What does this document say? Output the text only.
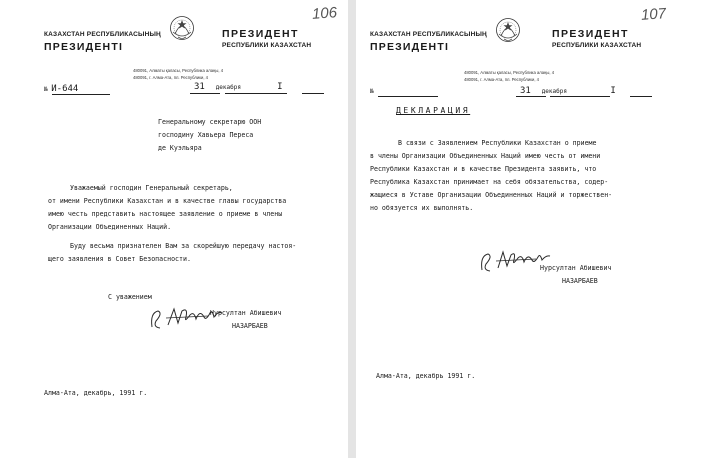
КАЗАХСТАН РЕСПУБЛИКАСЫНЫҢ
ПРЕЗИДЕНТІ
ПРЕЗИДЕНТ
РЕСПУБЛИКИ КАЗАХСТАН
106
480091, Алматы қаласы, Республика алаңы, 4
480091, г. Алма-Ата, пл. Республики, 4
№ И-644	31 декабря	I
Генеральному секретарю ООН
господину Хавьера Переса
де Куэльяра
Уважаемый господин Генеральный секретарь,
от имени Республики Казахстан и в качестве главы государства
имею честь представить настоящее заявление о приеме в члены
Организации Объединенных Наций.
Буду весьма признателен Вам за скорейшую передачу настоя-
щего заявления в Совет Безопасности.
С уважением
Нурсултан Абишевич
НАЗАРБАЕВ
Алма-Ата, декабрь, 1991 г.
КАЗАХСТАН РЕСПУБЛИКАСЫНЫҢ
ПРЕЗИДЕНТІ
ПРЕЗИДЕНТ
РЕСПУБЛИКИ КАЗАХСТАН
107
480091, Алматы қаласы, Республика алаңы, 4
480091, г. Алма-Ата, пл. Республики, 4
№	31 декабря	I
ДЕКЛАРАЦИЯ
В связи с Заявлением Республики Казахстан о приеме
в члены Организации Объединенных Наций имею честь от имени
Республики Казахстан и в качестве Президента заявить, что
Республика Казахстан принимает на себя обязательства, содер-
жащиеся в Уставе Организации Объединенных Наций и торжествен-
но обязуется их выполнять.
Нурсултан Абишевич
НАЗАРБАЕВ
Алма-Ата, декабрь 1991 г.
